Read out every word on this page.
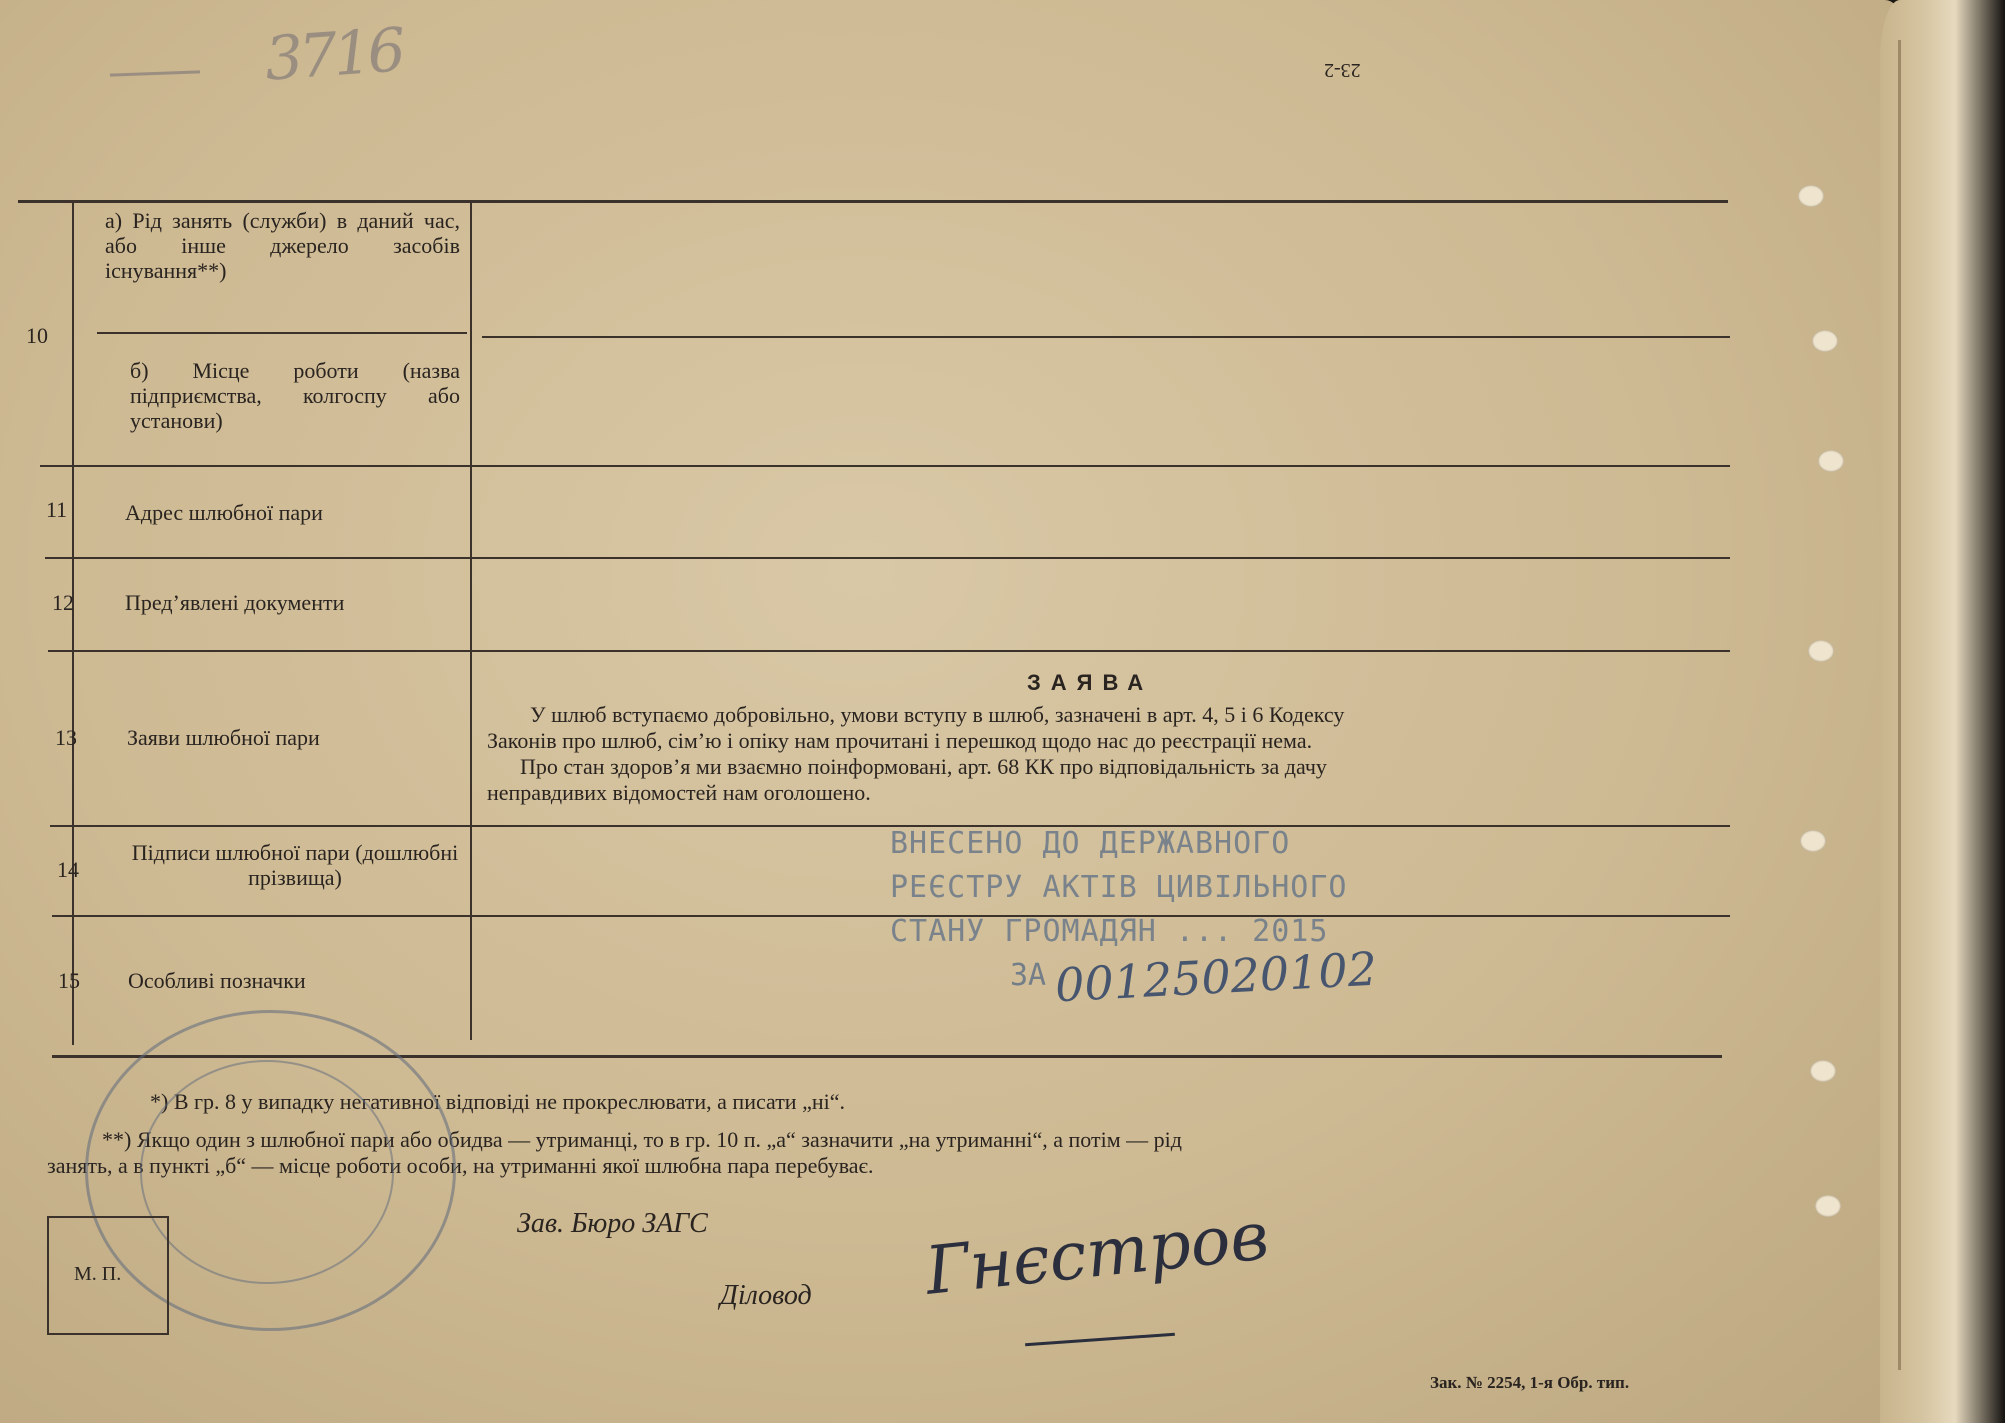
3716	23-2
10
а) Рід занять (служби) в даний час, або інше джерело засобів існування**)
б) Місце роботи (назва підприємства, колгоспу або установи)
11	Адрес шлюбної пари
12 Пред’явлені документи
13 Заяви шлюбної пари
ЗАЯВА
У шлюб вступаємо добровільно, умови вступу в шлюб, зазначені в арт. 4, 5 і 6 Кодексу
Законів про шлюб, сім’ю і опіку нам прочитані і перешкод щодо нас до реєстрації нема.
Про стан здоров’я ми взаємно поінформовані, арт. 68 КК про відповідальність за дачу
неправдивих відомостей нам оголошено.
14
Підписи шлюбної пари (дошлюбні прізвища)
15 Особливі позначки
ВНЕСЕНО ДО ДЕРЖАВНОГО
РЕЄСТРУ АКТІВ ЦИВІЛЬНОГО
СТАНУ ГРОМАДЯН ... 2015
ЗА 00125020102
*) В гр. 8 у випадку негативної відповіді не прокреслювати, а писати „ні“.
**) Якщо один з шлюбної пари або обидва — утриманці, то в гр. 10 п. „а“ зазначити „на утриманні“, а потім — рід
занять, а в пункті „б“ — місце роботи особи, на утриманні якої шлюбна пара перебуває.
М. П.
Зав. Бюро ЗАГС
Діловод Гнєстров
Зак. № 2254, 1-я Обр. тип.
